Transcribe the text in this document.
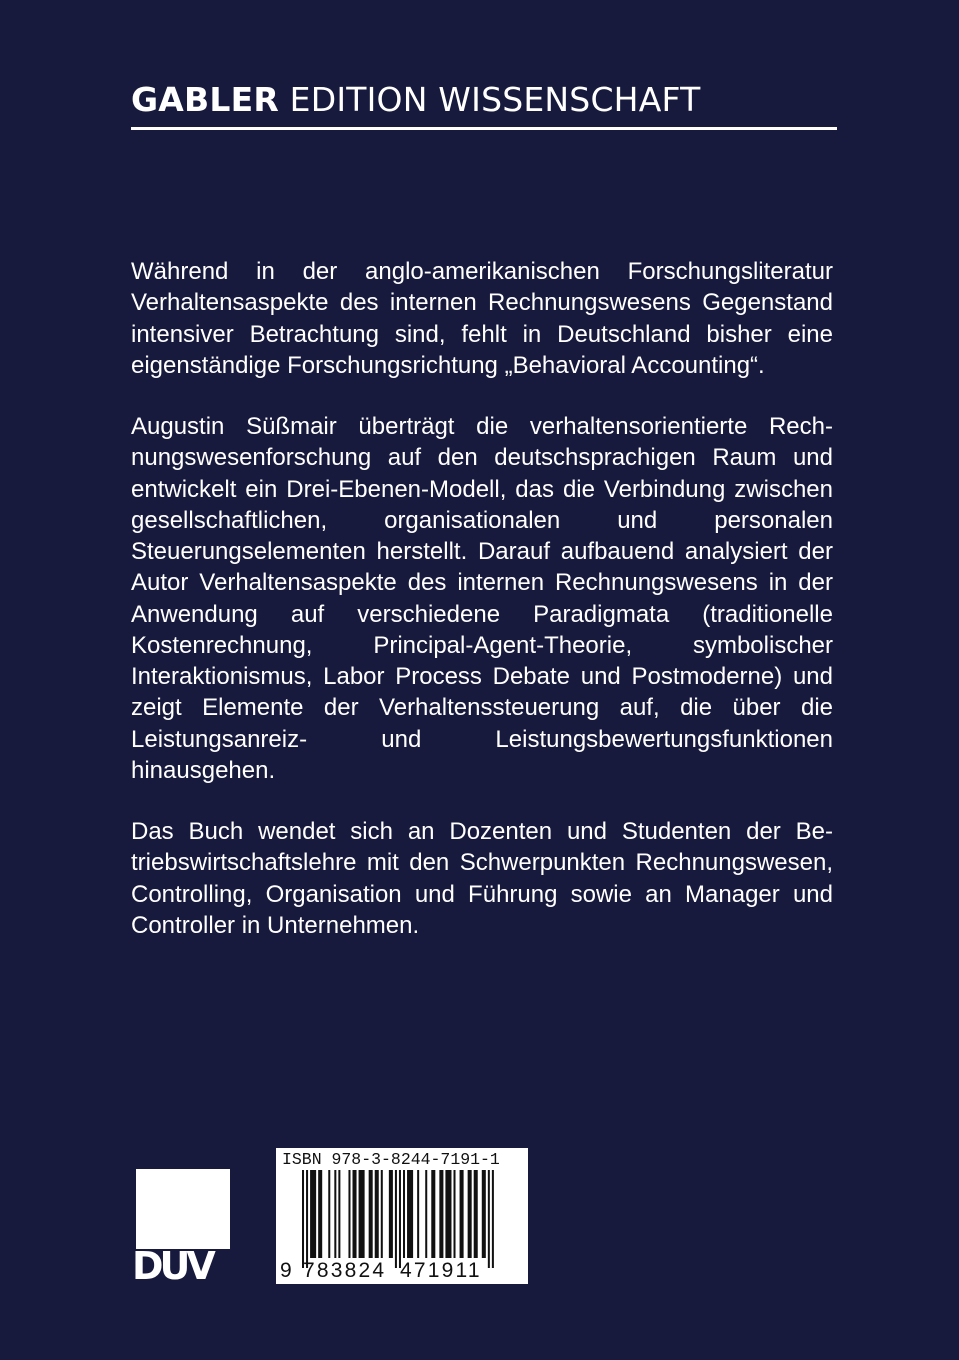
GABLER EDITION WISSENSCHAFT

Während in der anglo-amerikanischen Forschungsliteratur Verhaltensaspekte des internen Rechnungswesens Gegenstand intensiver Betrachtung sind, fehlt in Deutschland bisher eine eigenständige Forschungsrichtung „Behavioral Accounting“.

Augustin Süßmair überträgt die verhaltensorientierte Rechnungswesenforschung auf den deutschsprachigen Raum und entwickelt ein Drei-Ebenen-Modell, das die Verbindung zwischen gesellschaftlichen, organisationalen und personalen Steuerungselementen herstellt. Darauf aufbauend analysiert der Autor Verhaltensaspekte des internen Rechnungswesens in der Anwendung auf verschiedene Paradigmata (traditionelle Kostenrechnung, Principal-Agent-Theorie, symbolischer Interaktionismus, Labor Process Debate und Postmoderne) und zeigt Elemente der Verhaltenssteuerung auf, die über die Leistungsanreiz- und Leistungsbewertungsfunktionen hinausgehen.

Das Buch wendet sich an Dozenten und Studenten der Betriebswirtschaftslehre mit den Schwerpunkten Rechnungswesen, Controlling, Organisation und Führung sowie an Manager und Controller in Unternehmen.

DUV
ISBN 978-3-8244-7191-1
9 783824 471911
